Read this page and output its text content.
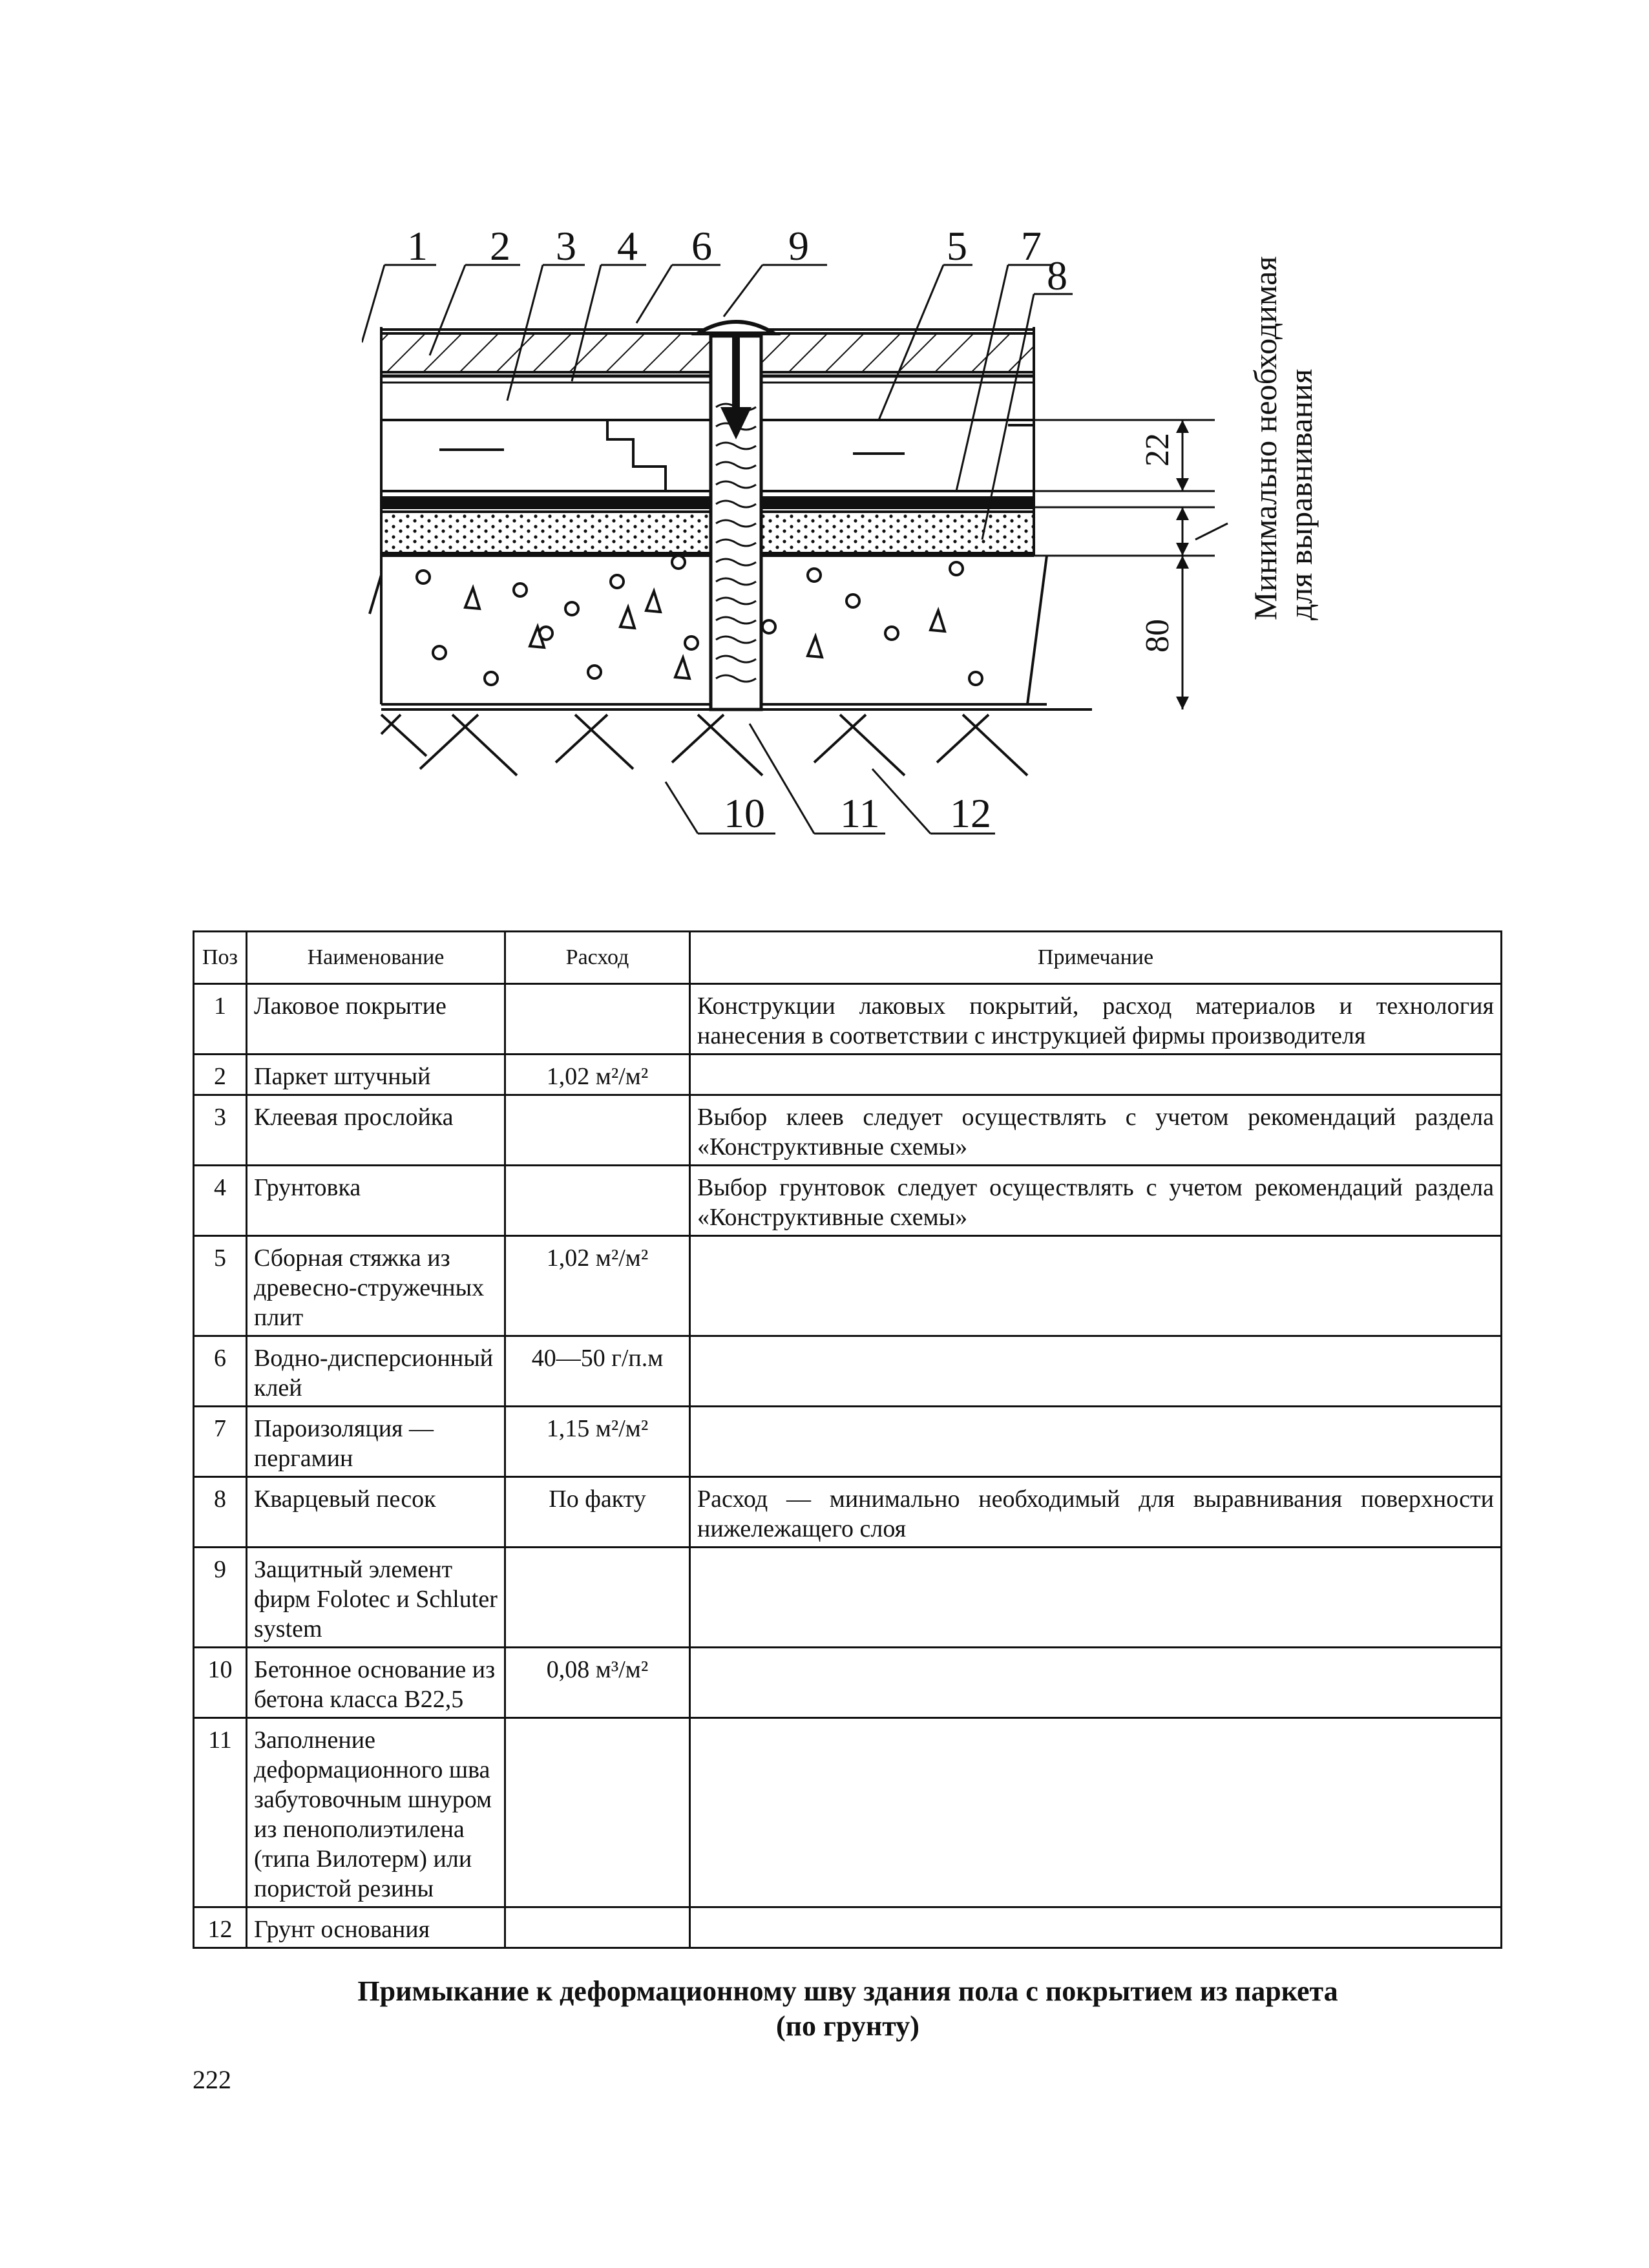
1 2 3 4 6 9	5 7
8
10 11 12
22
80
Минимально необходимая для выравнивания
Поз	Наименование	Расход	Примечание
1	Лаковое покрытие		Конструкции лаковых покрытий, расход материалов и технология нанесения в соответствии с инструкцией фирмы производителя
2	Паркет штучный	1,02 м²/м²	
3	Клеевая прослойка		Выбор клеев следует осуществлять с учетом рекомендаций раздела «Конструктивные схемы»
4	Грунтовка		Выбор грунтовок следует осуществлять с учетом рекомендаций раздела «Конструктивные схемы»
5	Сборная стяжка из древесно-стружечных плит	1,02 м²/м²	
6	Водно-дисперсионный клей	40—50 г/п.м	
7	Пароизоляция — пергамин	1,15 м²/м²	
8	Кварцевый песок	По факту	Расход — минимально необходимый для выравнивания поверхности нижележащего слоя
9	Защитный элемент фирм Folotec и Schluter system		
10	Бетонное основание из бетона класса В22,5	0,08 м³/м²	
11	Заполнение деформационного шва забутовочным шнуром из пенополиэтилена (типа Вилотерм) или пористой резины		
12	Грунт основания		
Примыкание к деформационному шву здания пола с покрытием из паркета
(по грунту)
222
